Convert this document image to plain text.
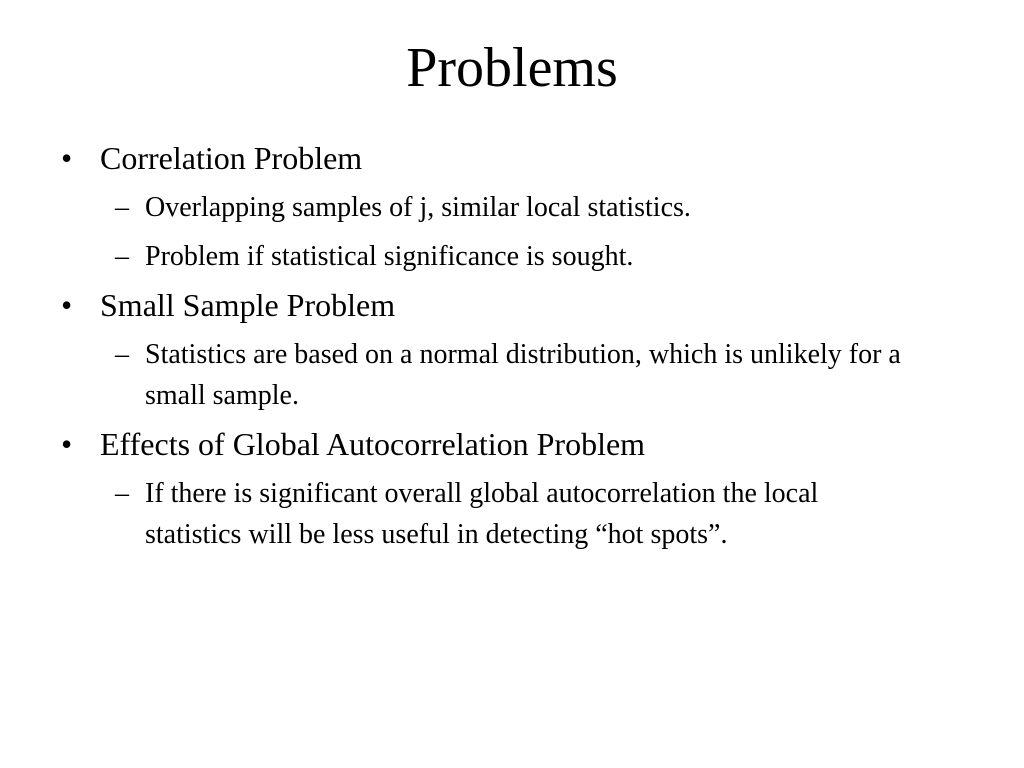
Problems
• Correlation Problem
– Overlapping samples of j, similar local statistics.
– Problem if statistical significance is sought.
• Small Sample Problem
– Statistics are based on a normal distribution, which is unlikely for a small sample.
• Effects of Global Autocorrelation Problem
– If there is significant overall global autocorrelation the local statistics will be less useful in detecting “hot spots”.
